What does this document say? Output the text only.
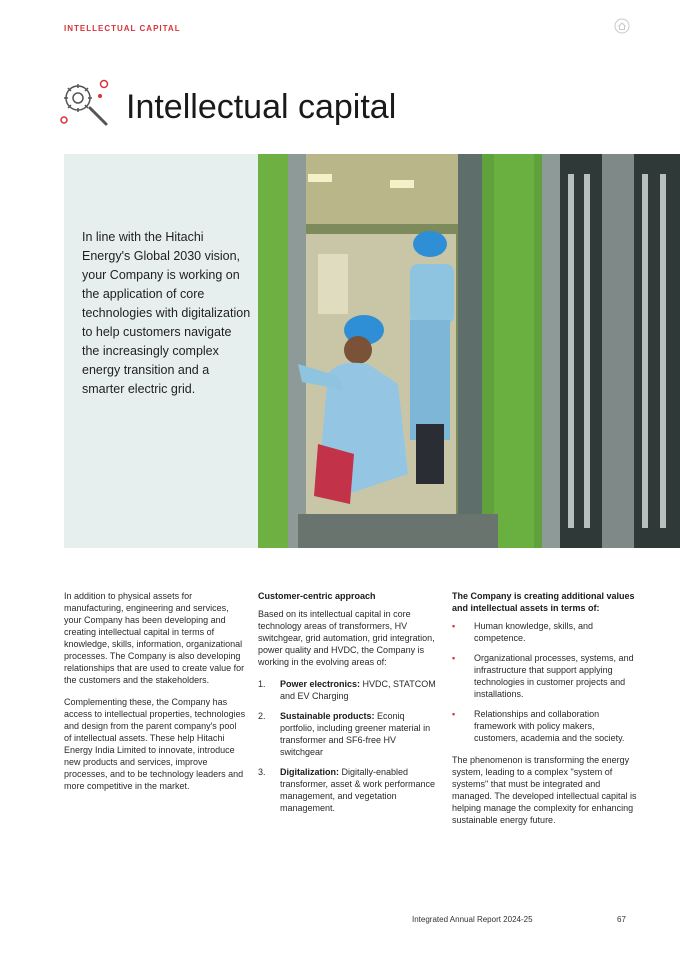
INTELLECTUAL CAPITAL
Intellectual capital
In line with the Hitachi Energy's Global 2030 vision, your Company is working on the application of core technologies with digitalization to help customers navigate the increasingly complex energy transition and a smarter electric grid.

In addition to physical assets for manufacturing, engineering and services, your Company has been developing and creating intellectual capital in terms of knowledge, skills, information, organizational processes. The Company is also developing relationships that are used to create value for the customers and the stakeholders.

Complementing these, the Company has access to intellectual properties, technologies and design from the parent company's pool of intellectual assets. These help Hitachi Energy India Limited to innovate, introduce new products and services, improve processes, and to be technology leaders and more competitive in the market.

Customer-centric approach

Based on its intellectual capital in core technology areas of transformers, HV switchgear, grid automation, grid integration, power quality and HVDC, the Company is working in the evolving areas of:

1.	Power electronics: HVDC, STATCOM and EV Charging
2.	Sustainable products: Econiq portfolio, including greener material in transformer and SF6-free HV switchgear
3.	Digitalization: Digitally-enabled transformer, asset & work performance management, and vegetation management.
The Company is creating additional values and intellectual assets in terms of:
•	Human knowledge, skills, and competence.
•	Organizational processes, systems, and infrastructure that support applying technologies in customer projects and installations.
•	Relationships and collaboration framework with policy makers, customers, academia and the society.

The phenomenon is transforming the energy system, leading to a complex "system of systems" that must be integrated and managed. The developed intellectual capital is helping manage the complexity for enhancing sustainable energy future.

Integrated Annual Report 2024-25	67
